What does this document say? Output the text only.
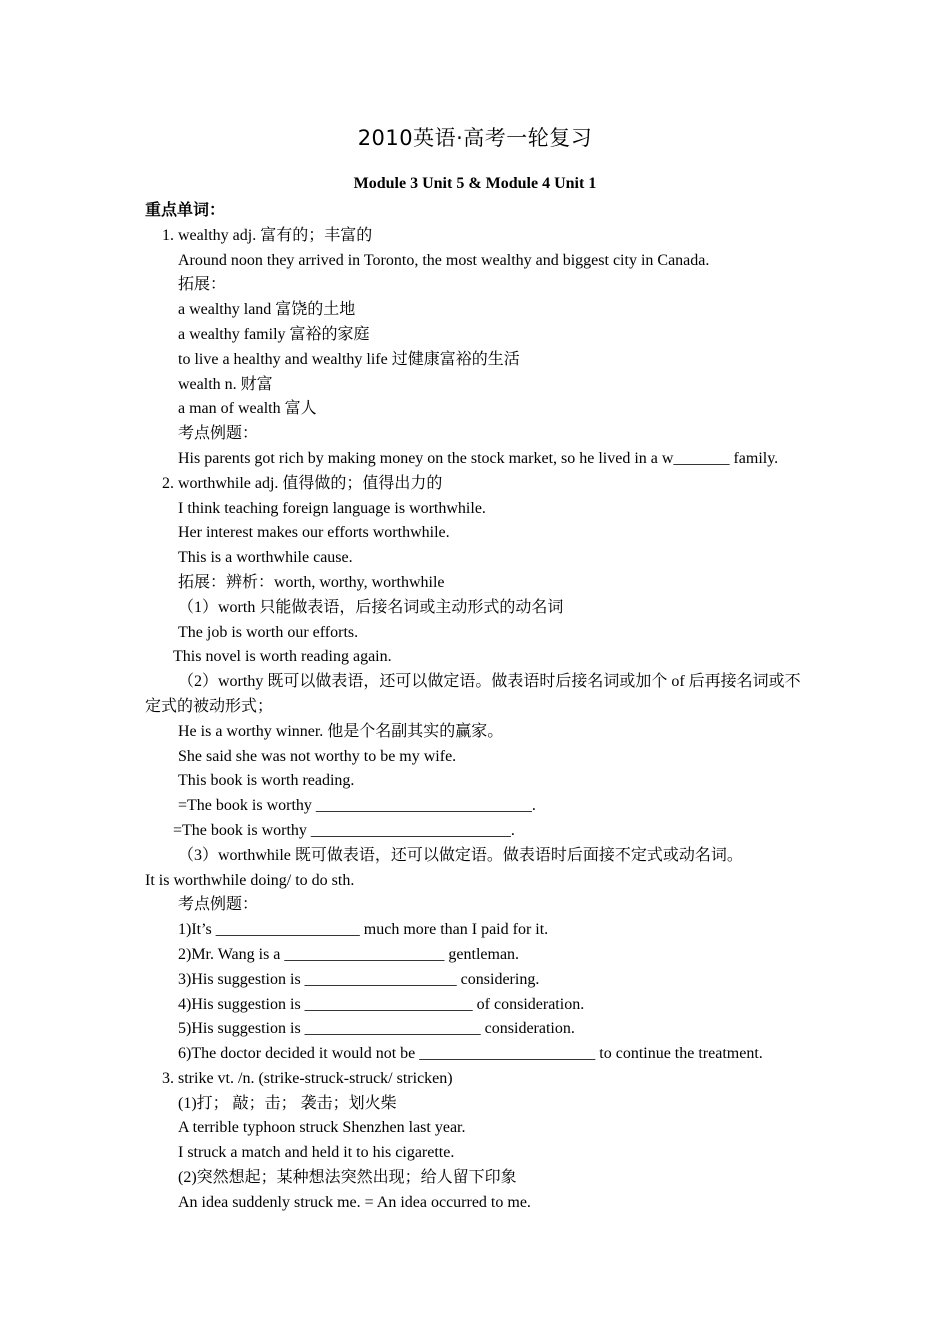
2010英语·高考一轮复习
Module 3 Unit 5 & Module 4 Unit 1
重点单词：
1. wealthy adj. 富有的；丰富的
Around noon they arrived in Toronto, the most wealthy and biggest city in Canada.
拓展：
a wealthy land 富饶的土地
a wealthy family 富裕的家庭
to live a healthy and wealthy life 过健康富裕的生活
wealth n. 财富
a man of wealth 富人
考点例题：
His parents got rich by making money on the stock market, so he lived in a w_______ family.
2. worthwhile adj. 值得做的；值得出力的
I think teaching foreign language is worthwhile.
Her interest makes our efforts worthwhile.
This is a worthwhile cause.
拓展：辨析：worth, worthy, worthwhile
（1）worth 只能做表语，后接名词或主动形式的动名词
The job is worth our efforts.
This novel is worth reading again.
（2）worthy 既可以做表语，还可以做定语。做表语时后接名词或加个 of 后再接名词或不定式的被动形式；
He is a worthy winner. 他是个名副其实的赢家。
She said she was not worthy to be my wife.
This book is worth reading.
=The book is worthy ___________________________.
=The book is worthy _________________________.
（3）worthwhile 既可做表语，还可以做定语。做表语时后面接不定式或动名词。
It is worthwhile doing/ to do sth.
考点例题：
1)It’s __________________ much more than I paid for it.
2)Mr. Wang is a ____________________ gentleman.
3)His suggestion is ___________________ considering.
4)His suggestion is _____________________ of consideration.
5)His suggestion is ______________________ consideration.
6)The doctor decided it would not be ______________________ to continue the treatment.
3. strike vt. /n. (strike-struck-struck/ stricken)
(1)打； 敲；击； 袭击；划火柴
A terrible typhoon struck Shenzhen last year.
I struck a match and held it to his cigarette.
(2)突然想起；某种想法突然出现；给人留下印象
An idea suddenly struck me. = An idea occurred to me.
